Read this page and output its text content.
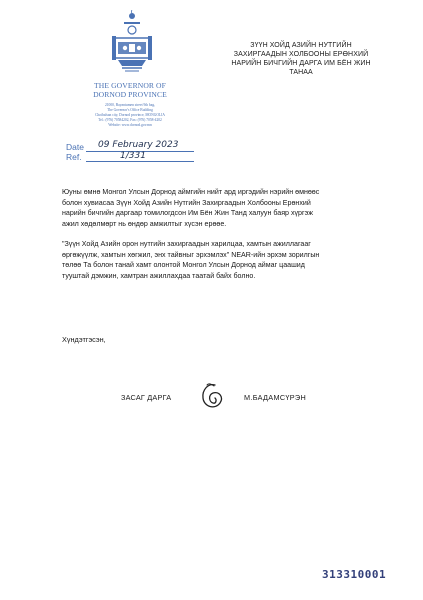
THE GOVERNOR OF
DORNOD PROVINCE
21000, Bayantumen street 9th bag,
The Governor's Office Building
Choibalsan city, Dornod province, MONGOLIA
Tel.: (976) 70584202, Fax: (976) 7058-4202
Website: www.dornod.gov.mn
Date 09 February 2023
Ref.	1/331
ЗҮҮН ХОЙД АЗИЙН НУТГИЙН
ЗАХИРГААДЫН ХОЛБООНЫ ЕРӨНХИЙ
НАРИЙН БИЧГИЙН ДАРГА ИМ БЁН ЖИН
ТАНАА
Юуны өмнө Монгол Улсын Дорнод аймгийн нийт ард иргэдийн нэрийн өмнөөс
болон хувиасаа Зүүн Хойд Азийн Нутгийн Захиргаадын Холбооны Ерөнхий
нарийн бичгийн даргаар томилогдсон Им Бён Жин Танд халуун баяр хүргэж
ажил хөдөлмөрт нь өндөр амжилтыг хүсэн ерөөе.
"Зүүн Хойд Азийн орон нутгийн захиргаадын харилцаа, хамтын ажиллагааг
өргөжүүлж, хамтын хөгжил, энх тайвныг эрхэмлэх" NEAR-ийн эрхэм зорилгын
төлөө Та болон танай хамт олонтой Монгол Улсын Дорнод аймаг цаашид
тууштай дэмжин, хамтран ажиллахдаа таатай байх болно.
Хүндэтгэсэн,
ЗАСАГ ДАРГА	М.БАДАМСҮРЭН
313310001
